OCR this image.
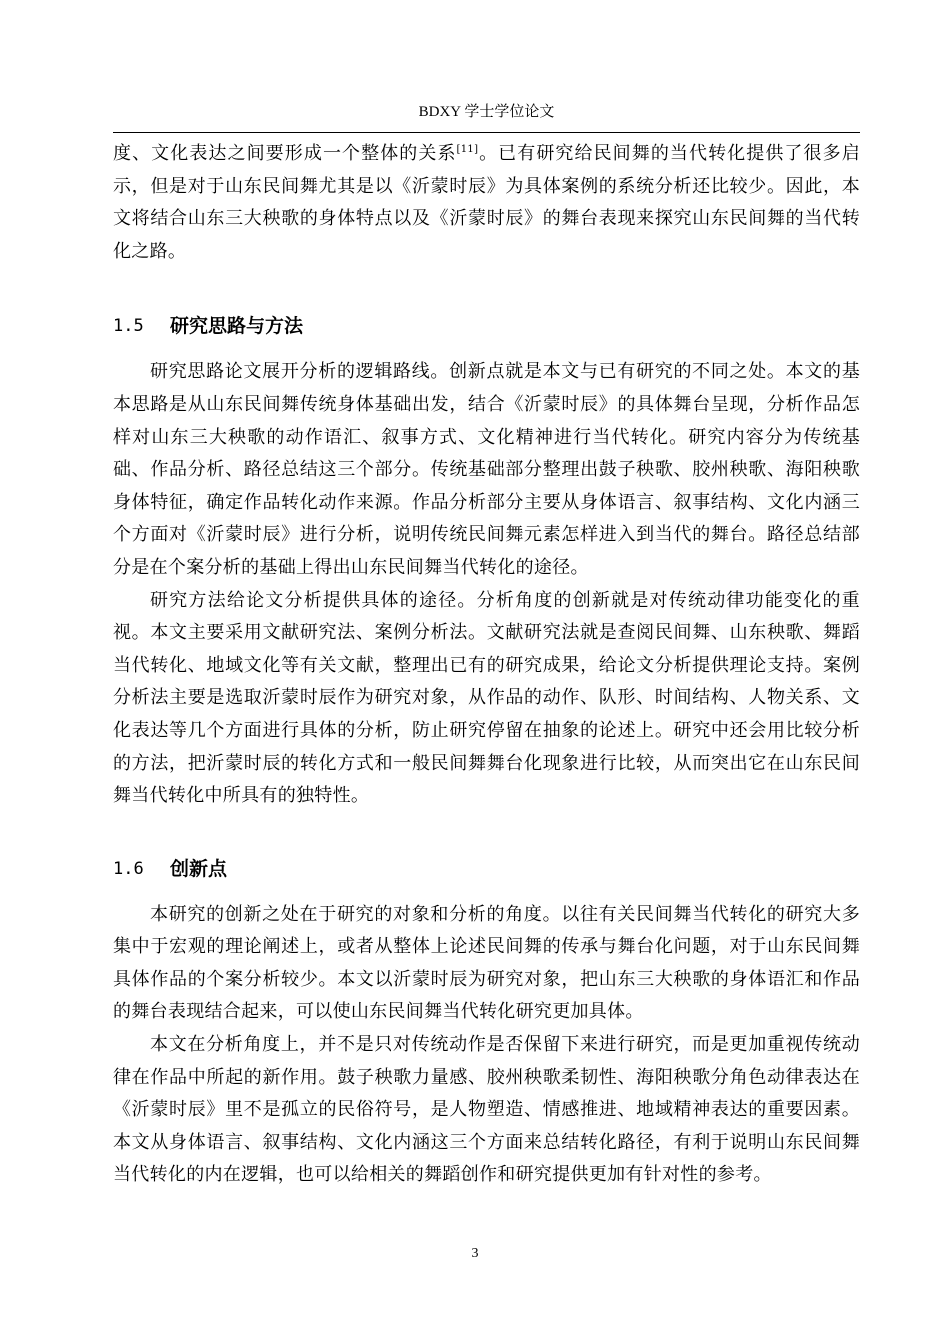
BDXY 学士学位论文

度、文化表达之间要形成一个整体的关系[11]。已有研究给民间舞的当代转化提供了很多启示，但是对于山东民间舞尤其是以《沂蒙时辰》为具体案例的系统分析还比较少。因此，本文将结合山东三大秧歌的身体特点以及《沂蒙时辰》的舞台表现来探究山东民间舞的当代转化之路。

1.5	研究思路与方法

研究思路论文展开分析的逻辑路线。创新点就是本文与已有研究的不同之处。本文的基本思路是从山东民间舞传统身体基础出发，结合《沂蒙时辰》的具体舞台呈现，分析作品怎样对山东三大秧歌的动作语汇、叙事方式、文化精神进行当代转化。研究内容分为传统基础、作品分析、路径总结这三个部分。传统基础部分整理出鼓子秧歌、胶州秧歌、海阳秧歌身体特征，确定作品转化动作来源。作品分析部分主要从身体语言、叙事结构、文化内涵三个方面对《沂蒙时辰》进行分析，说明传统民间舞元素怎样进入到当代的舞台。路径总结部分是在个案分析的基础上得出山东民间舞当代转化的途径。

研究方法给论文分析提供具体的途径。分析角度的创新就是对传统动律功能变化的重视。本文主要采用文献研究法、案例分析法。文献研究法就是查阅民间舞、山东秧歌、舞蹈当代转化、地域文化等有关文献，整理出已有的研究成果，给论文分析提供理论支持。案例分析法主要是选取沂蒙时辰作为研究对象，从作品的动作、队形、时间结构、人物关系、文化表达等几个方面进行具体的分析，防止研究停留在抽象的论述上。研究中还会用比较分析的方法，把沂蒙时辰的转化方式和一般民间舞舞台化现象进行比较，从而突出它在山东民间舞当代转化中所具有的独特性。

1.6	创新点

本研究的创新之处在于研究的对象和分析的角度。以往有关民间舞当代转化的研究大多集中于宏观的理论阐述上，或者从整体上论述民间舞的传承与舞台化问题，对于山东民间舞具体作品的个案分析较少。本文以沂蒙时辰为研究对象，把山东三大秧歌的身体语汇和作品的舞台表现结合起来，可以使山东民间舞当代转化研究更加具体。

本文在分析角度上，并不是只对传统动作是否保留下来进行研究，而是更加重视传统动律在作品中所起的新作用。鼓子秧歌力量感、胶州秧歌柔韧性、海阳秧歌分角色动律表达在《沂蒙时辰》里不是孤立的民俗符号，是人物塑造、情感推进、地域精神表达的重要因素。本文从身体语言、叙事结构、文化内涵这三个方面来总结转化路径，有利于说明山东民间舞当代转化的内在逻辑，也可以给相关的舞蹈创作和研究提供更加有针对性的参考。

3
